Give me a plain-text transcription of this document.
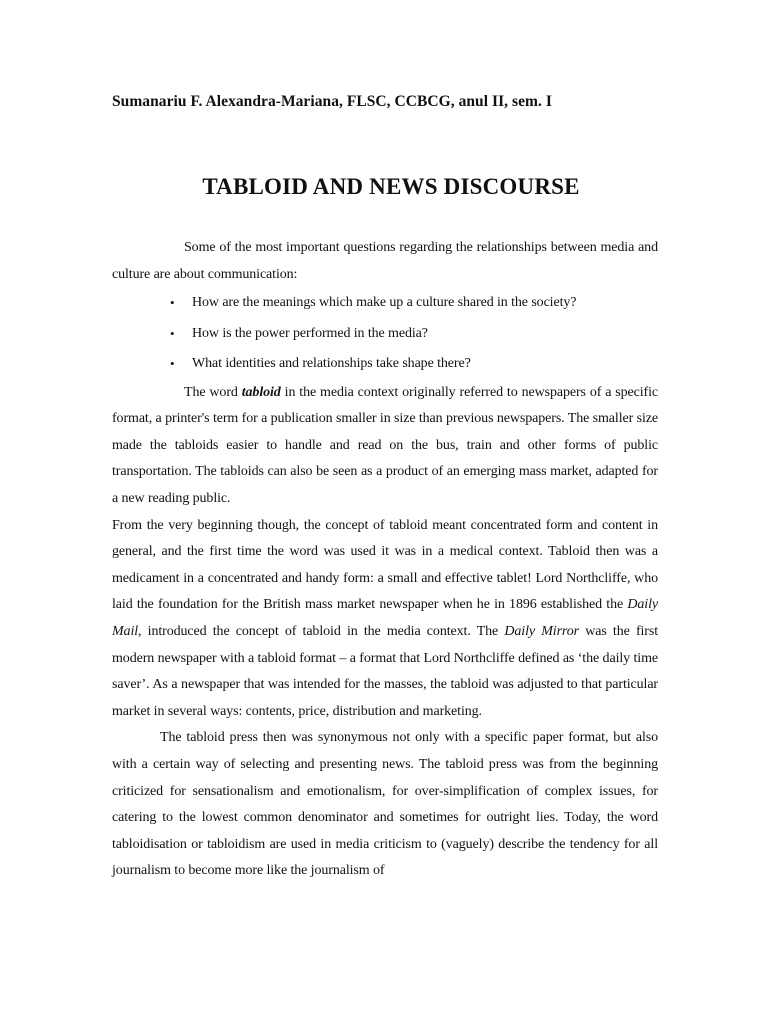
Sumanariu F. Alexandra-Mariana, FLSC, CCBCG, anul II, sem. I
TABLOID AND NEWS DISCOURSE

Some of the most important questions regarding the relationships between media and culture are about communication:

• How are the meanings which make up a culture shared in the society?
• How is the power performed in the media?
• What identities and relationships take shape there?

The word tabloid in the media context originally referred to newspapers of a specific format, a printer's term for a publication smaller in size than previous newspapers. The smaller size made the tabloids easier to handle and read on the bus, train and other forms of public transportation. The tabloids can also be seen as a product of an emerging mass market, adapted for a new reading public.

From the very beginning though, the concept of tabloid meant concentrated form and content in general, and the first time the word was used it was in a medical context. Tabloid then was a medicament in a concentrated and handy form: a small and effective tablet! Lord Northcliffe, who laid the foundation for the British mass market newspaper when he in 1896 established the Daily Mail, introduced the concept of tabloid in the media context. The Daily Mirror was the first modern newspaper with a tabloid format – a format that Lord Northcliffe defined as ‘the daily time saver’. As a newspaper that was intended for the masses, the tabloid was adjusted to that particular market in several ways: contents, price, distribution and marketing.

The tabloid press then was synonymous not only with a specific paper format, but also with a certain way of selecting and presenting news. The tabloid press was from the beginning criticized for sensationalism and emotionalism, for over-simplification of complex issues, for catering to the lowest common denominator and sometimes for outright lies. Today, the word tabloidisation or tabloidism are used in media criticism to (vaguely) describe the tendency for all journalism to become more like the journalism of
